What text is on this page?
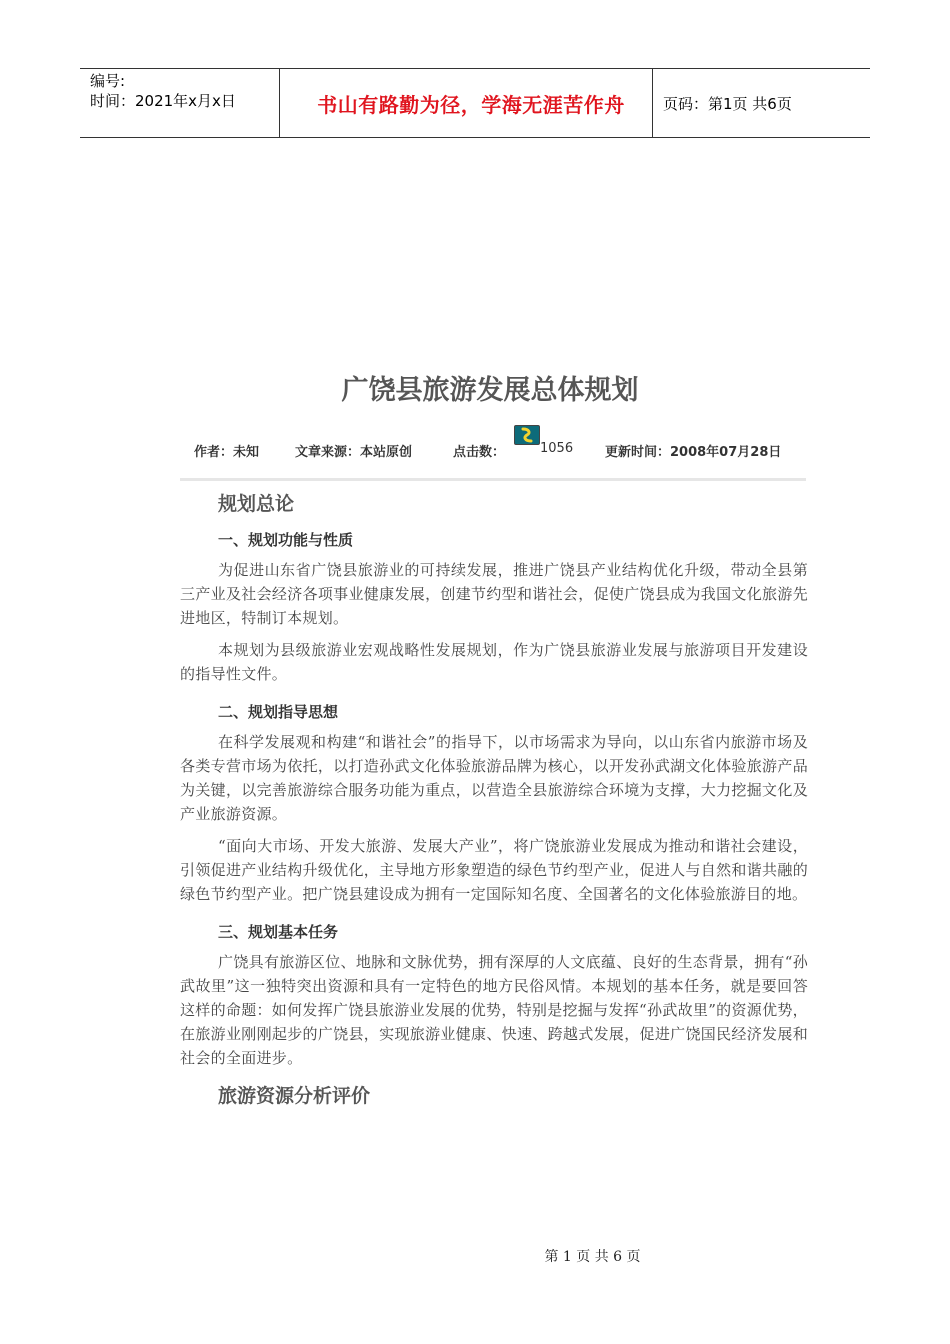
编号:
时间：2021年x月x日	书山有路勤为径，学海无涯苦作舟	页码：第1页 共6页
广饶县旅游发展总体规划
作者：未知	文章来源：本站原创	点击数：	1056 更新时间：2008年07月28日
规划总论
一、规划功能与性质

为促进山东省广饶县旅游业的可持续发展，推进广饶县产业结构优化升级，带动全县第三产业及社会经济各项事业健康发展，创建节约型和谐社会，促使广饶县成为我国文化旅游先进地区，特制订本规划。

本规划为县级旅游业宏观战略性发展规划，作为广饶县旅游业发展与旅游项目开发建设的指导性文件。

二、规划指导思想

在科学发展观和构建“和谐社会”的指导下，以市场需求为导向，以山东省内旅游市场及各类专营市场为依托，以打造孙武文化体验旅游品牌为核心，以开发孙武湖文化体验旅游产品为关键，以完善旅游综合服务功能为重点，以营造全县旅游综合环境为支撑，大力挖掘文化及产业旅游资源。

“面向大市场、开发大旅游、发展大产业”，将广饶旅游业发展成为推动和谐社会建设，引领促进产业结构升级优化，主导地方形象塑造的绿色节约型产业，促进人与自然和谐共融的绿色节约型产业。把广饶县建设成为拥有一定国际知名度、全国著名的文化体验旅游目的地。

三、规划基本任务

广饶具有旅游区位、地脉和文脉优势，拥有深厚的人文底蕴、良好的生态背景，拥有“孙武故里”这一独特突出资源和具有一定特色的地方民俗风情。本规划的基本任务，就是要回答这样的命题：如何发挥广饶县旅游业发展的优势，特别是挖掘与发挥“孙武故里”的资源优势，在旅游业刚刚起步的广饶县，实现旅游业健康、快速、跨越式发展，促进广饶国民经济发展和社会的全面进步。

旅游资源分析评价
第 1 页 共 6 页
